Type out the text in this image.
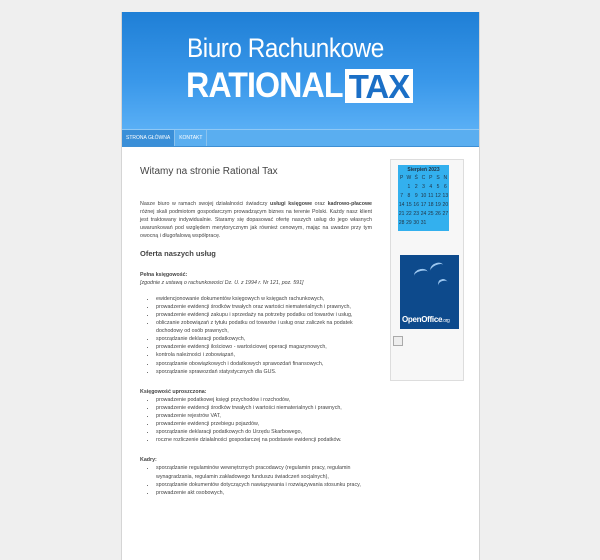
Biuro Rachunkowe
RATIONAL TAX
STRONA GŁÓWNA	KONTAKT
Witamy na stronie Rational Tax

Nasze biuro w ramach swojej działalności świadczy usługi księgowe oraz kadrowo-płacowe różnej skali podmiotom gospodarczym prowadzącym biznes na terenie Polski. Każdy nasz klient jest traktowany indywidualnie. Staramy się dopasować ofertę naszych usług do jego własnych uwarunkowań pod względem merytorycznym jak również cenowym, mając na uwadze przy tym owocną i długofalową współpracę.

Oferta naszych usług

Pełna księgowość:

[zgodnie z ustawą o rachunkowości Dz. U. z 1994 r. Nr 121, poz. 591]

• ewidencjonowanie dokumentów księgowych w księgach rachunkowych,
• prowadzenie ewidencji środków trwałych oraz wartości niematerialnych i prawnych,
• prowadzenie ewidencji zakupu i sprzedaży na potrzeby podatku od towarów i usług,
• obliczanie zobowiązań z tytułu podatku od towarów i usług oraz zaliczek na podatek dochodowy od osób prawnych,
• sporządzanie deklaracji podatkowych,
• prowadzenie ewidencji ilościowo - wartościowej operacji magazynowych,
• kontrola należności i zobowiązań,
• sporządzanie obowiązkowych i dodatkowych sprawozdań finansowych,
• sporządzanie sprawozdań statystycznych dla GUS.

Księgowość uproszczona:

• prowadzenie podatkowej księgi przychodów i rozchodów,
• prowadzenie ewidencji środków trwałych i wartości niematerialnych i prawnych,
• prowadzenie rejestrów VAT,
• prowadzenie ewidencji przebiegu pojazdów,
• sporządzanie deklaracji podatkowych do Urzędu Skarbowego,
• roczne rozliczenie działalności gospodarczej na podstawie ewidencji podatków.

Kadry:

• sporządzanie regulaminów wewnętrznych pracodawcy (regulamin pracy, regulamin wynagradzania, regulamin zakładowego funduszu świadczeń socjalnych),
• sporządzanie dokumentów dotyczących nawiązywania i rozwiązywania stosunku pracy,
• prowadzenie akt osobowych,
Sierpień 2023
P W Ś C P S N
1 2 3 4 5 6
7 8 9 10 11 12 13
14 15 16 17 18 19 20
21 22 23 24 25 26 27
28 29 30 31
OpenOffice.org
